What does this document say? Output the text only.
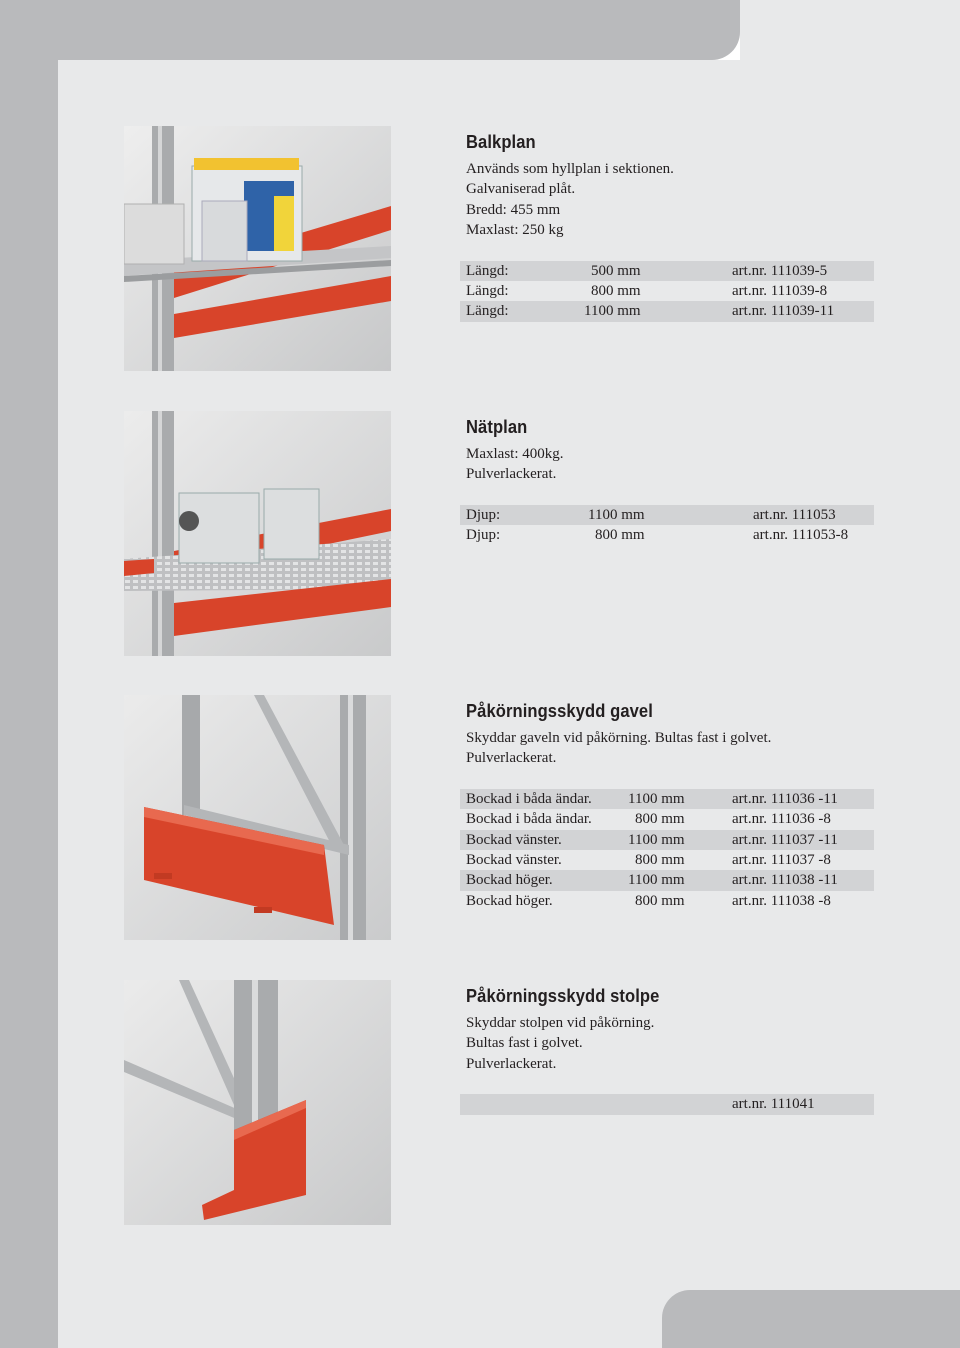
Balkplan
Används som hyllplan i sektionen.
Galvaniserad plåt.
Bredd: 455 mm
Maxlast: 250 kg
Längd:	500 mm	art.nr. 111039-5
Längd:	800 mm	art.nr. 111039-8
Längd:	1100 mm	art.nr. 111039-11
Nätplan
Maxlast: 400kg.
Pulverlackerat.
Djup:	1100 mm	art.nr. 111053
Djup:	800 mm	art.nr. 111053-8
Påkörningsskydd gavel
Skyddar gaveln vid påkörning. Bultas fast i golvet.
Pulverlackerat.
Bockad i båda ändar. 1100 mm	art.nr. 111036 -11
Bockad i båda ändar.	800 mm	art.nr. 111036 -8
Bockad vänster.	1100 mm	art.nr. 111037 -11
Bockad vänster.	800 mm	art.nr. 111037 -8
Bockad höger.	1100 mm	art.nr. 111038 -11
Bockad höger.	800 mm	art.nr. 111038 -8
Påkörningsskydd stolpe
Skyddar stolpen vid påkörning.
Bultas fast i golvet.
Pulverlackerat.
art.nr. 111041
